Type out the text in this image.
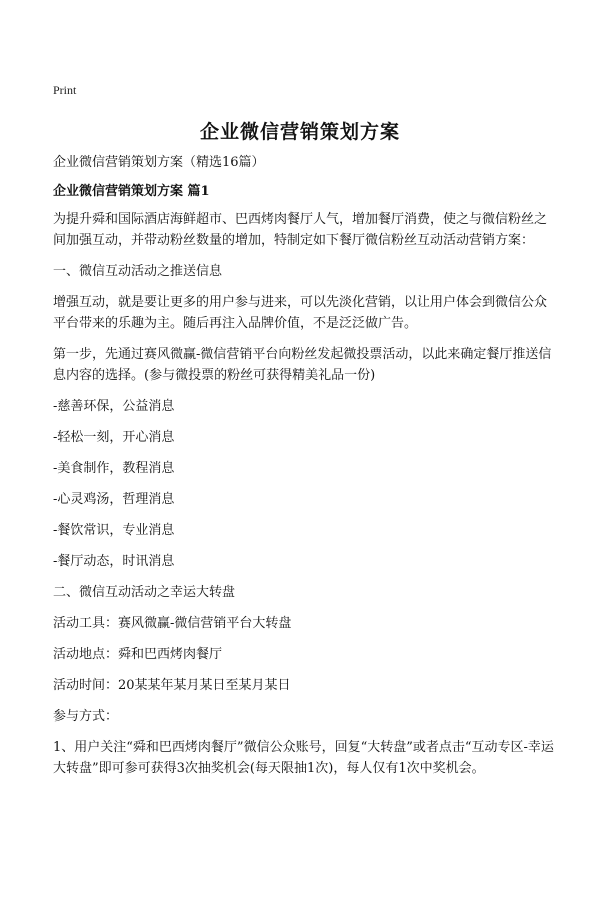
Print
企业微信营销策划方案
企业微信营销策划方案（精选16篇）
企业微信营销策划方案 篇1
为提升舜和国际酒店海鲜超市、巴西烤肉餐厅人气，增加餐厅消费，使之与微信粉丝之间加强互动，并带动粉丝数量的增加，特制定如下餐厅微信粉丝互动活动营销方案：
一、微信互动活动之推送信息
增强互动，就是要让更多的用户参与进来，可以先淡化营销，以让用户体会到微信公众平台带来的乐趣为主。随后再注入品牌价值，不是泛泛做广告。
第一步，先通过赛风微赢-微信营销平台向粉丝发起微投票活动，以此来确定餐厅推送信息内容的选择。(参与微投票的粉丝可获得精美礼品一份)
-慈善环保，公益消息
-轻松一刻，开心消息
-美食制作，教程消息
-心灵鸡汤，哲理消息
-餐饮常识，专业消息
-餐厅动态，时讯消息
二、微信互动活动之幸运大转盘
活动工具：赛风微赢-微信营销平台大转盘
活动地点：舜和巴西烤肉餐厅
活动时间：20某某年某月某日至某月某日
参与方式：
1、用户关注“舜和巴西烤肉餐厅”微信公众账号，回复“大转盘”或者点击“互动专区-幸运大转盘”即可参可获得3次抽奖机会(每天限抽1次)，每人仅有1次中奖机会。
